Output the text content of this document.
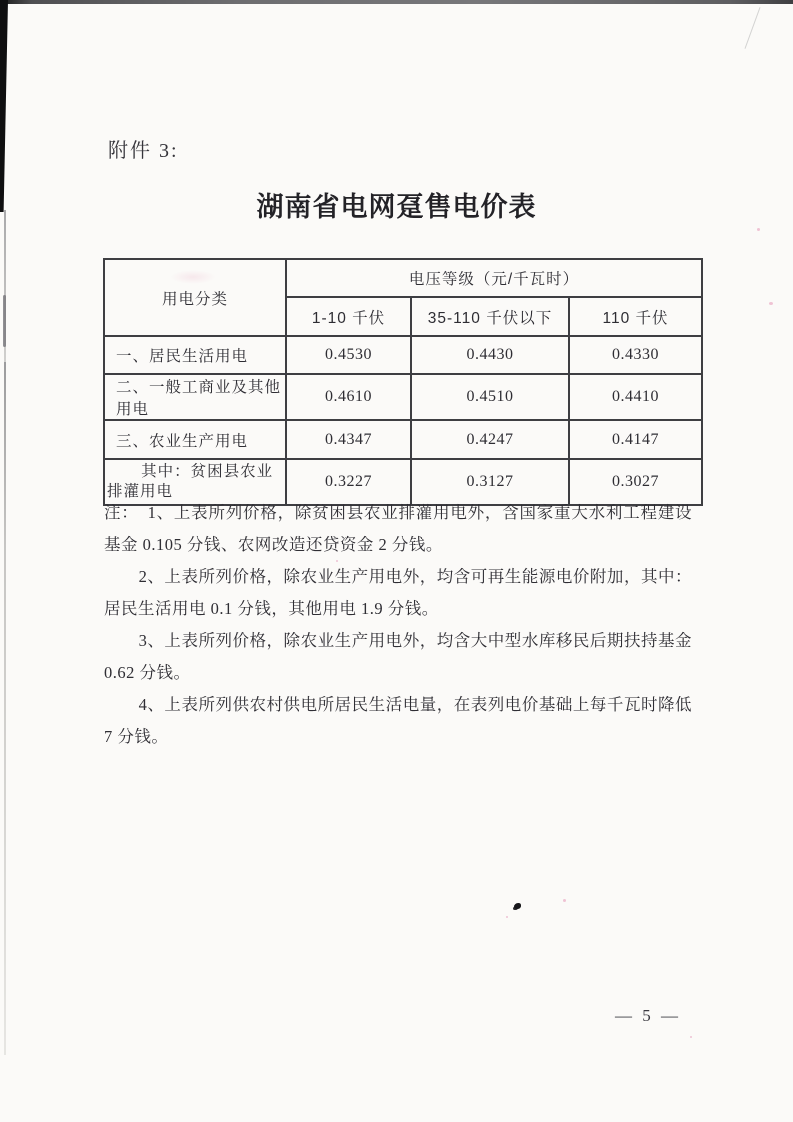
附件 3:
湖南省电网趸售电价表
用电分类	电压等级（元/千瓦时）		
	1-10 千伏	35-110 千伏以下	110 千伏
一、居民生活用电	0.4530	0.4430	0.4330
二、一般工商业及其他用电	0.4610	0.4510	0.4410
三、农业生产用电	0.4347	0.4247	0.4147
其中：贫困县农业排灌用电	0.3227	0.3127	0.3027

注：　1、上表所列价格，除贫困县农业排灌用电外，含国家重大水利工程建设基金 0.105 分钱、农网改造还贷资金 2 分钱。

2、上表所列价格，除农业生产用电外，均含可再生能源电价附加，其中：居民生活用电 0.1 分钱，其他用电 1.9 分钱。

3、上表所列价格，除农业生产用电外，均含大中型水库移民后期扶持基金 0.62 分钱。

4、上表所列供农村供电所居民生活电量，在表列电价基础上每千瓦时降低 7 分钱。

— 5 —
